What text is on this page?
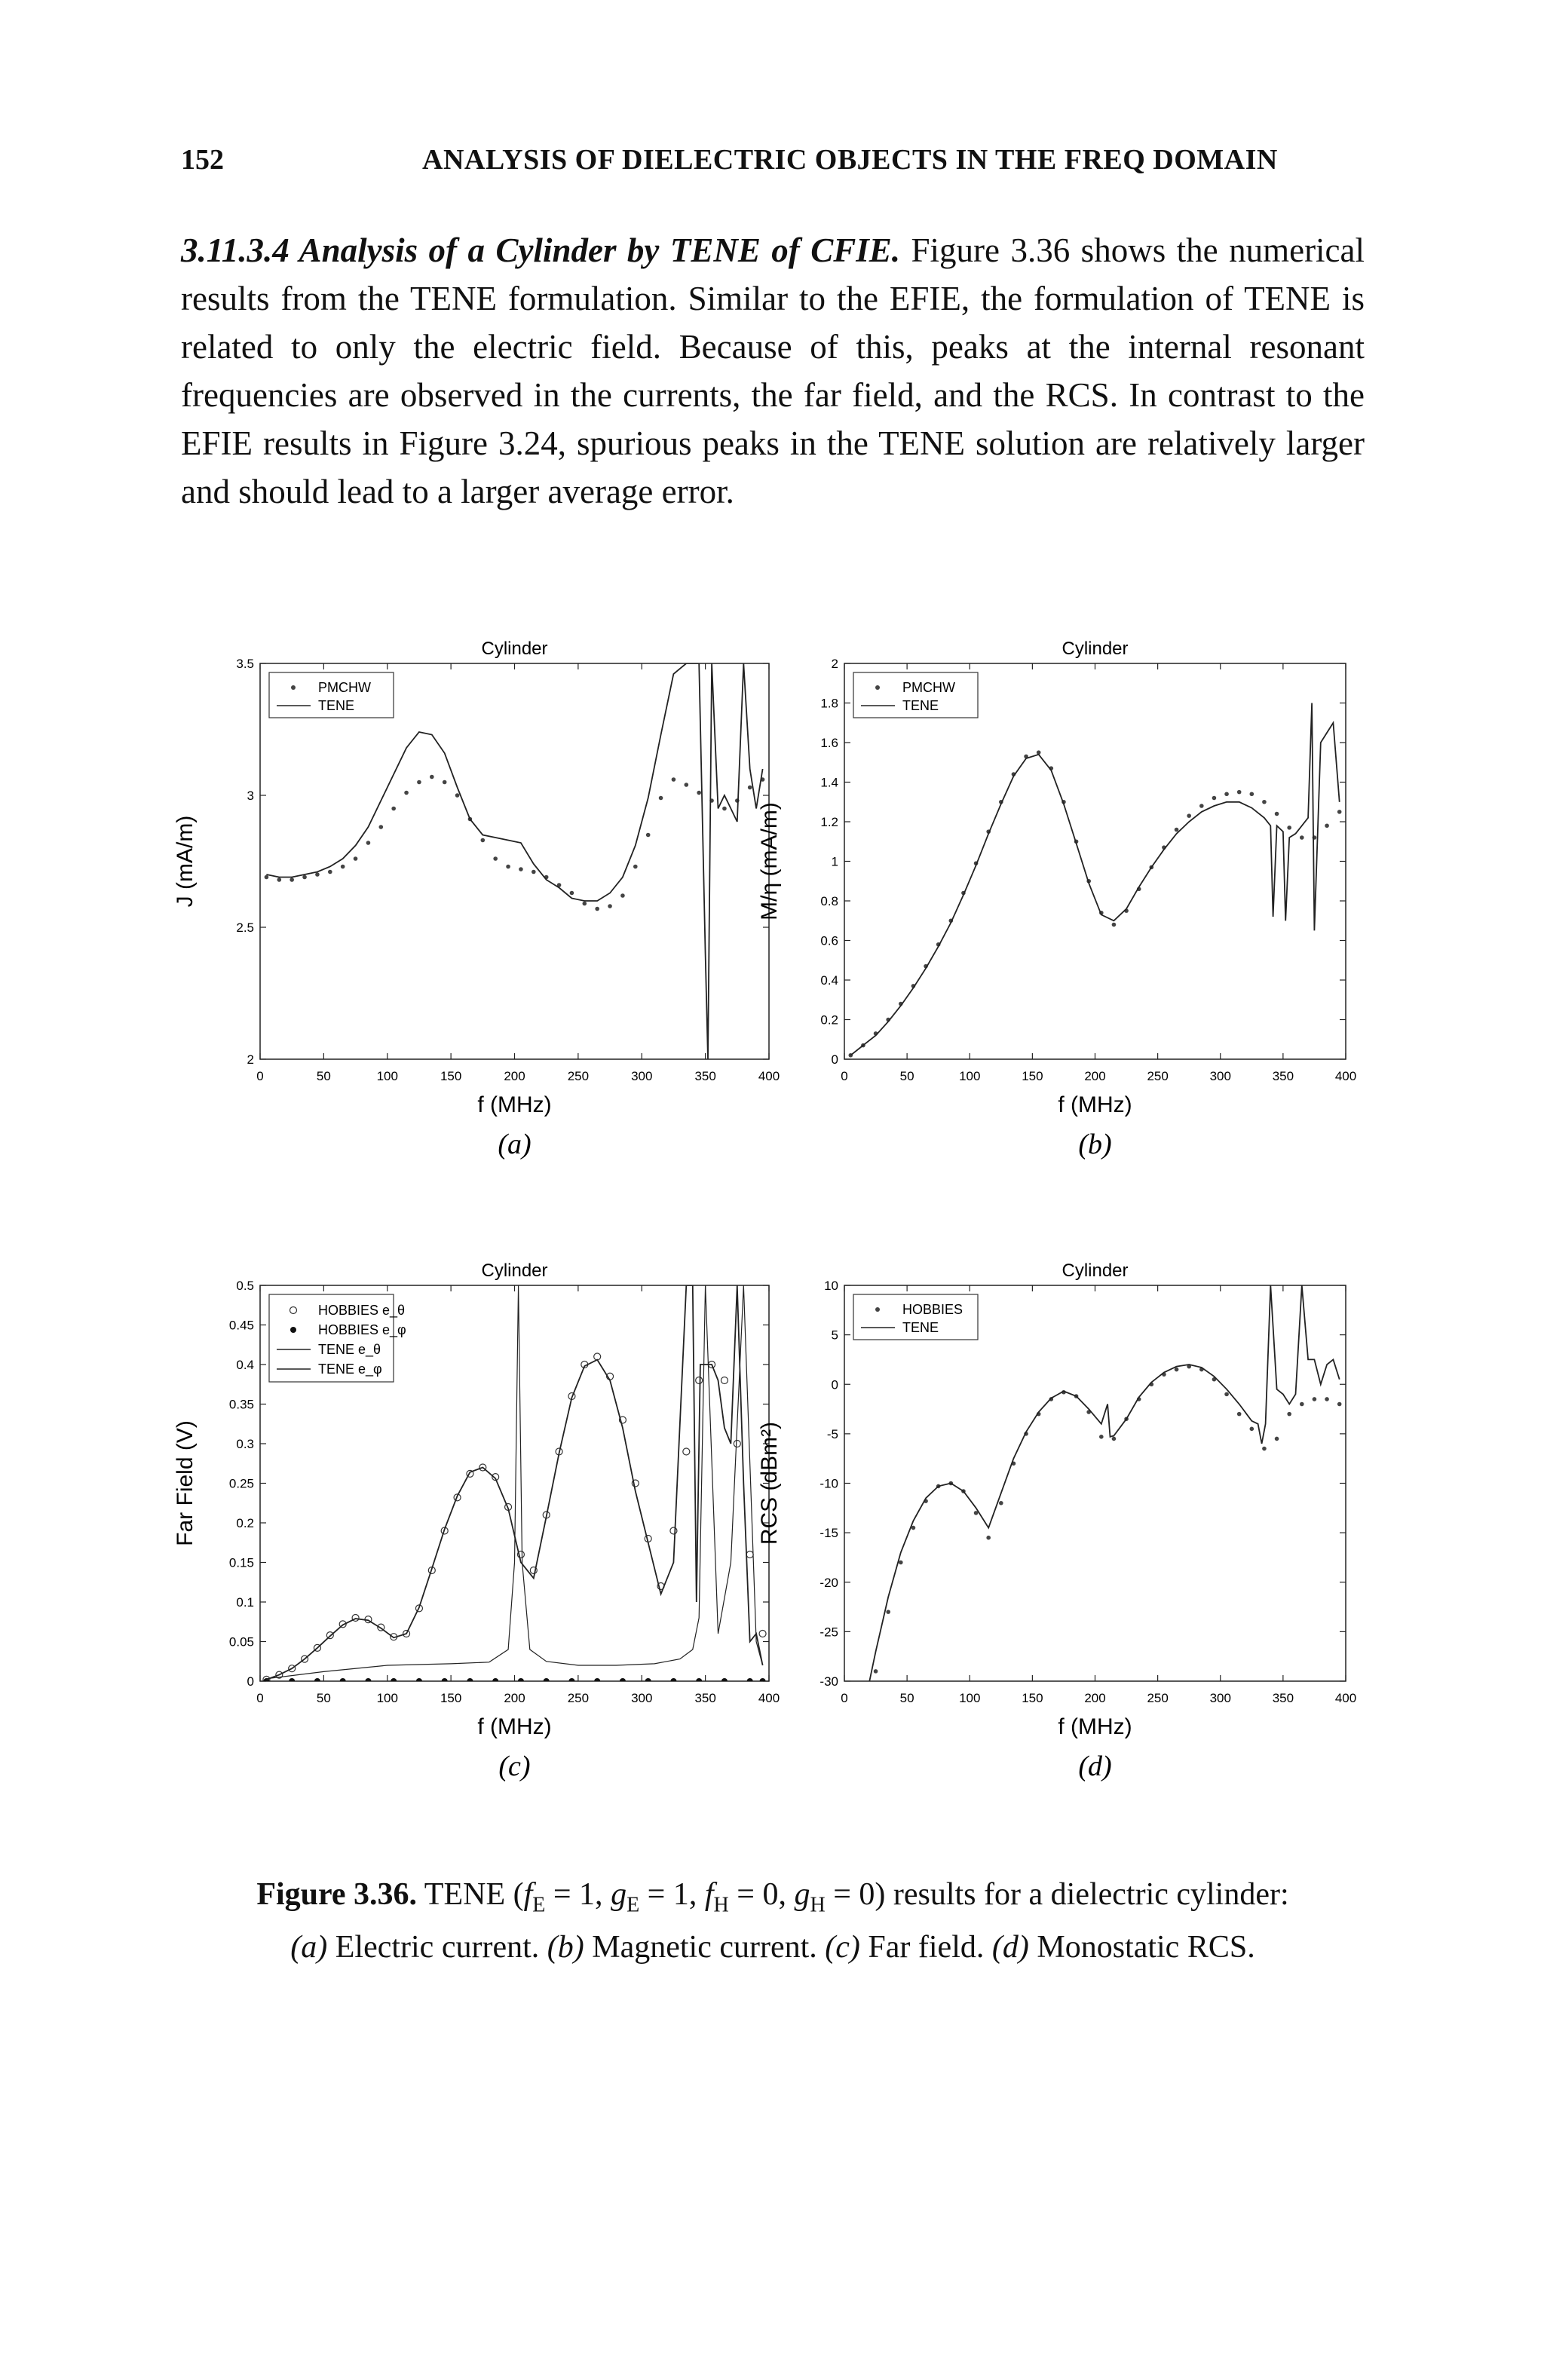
152	ANALYSIS OF DIELECTRIC OBJECTS IN THE FREQ DOMAIN
3.11.3.4 Analysis of a Cylinder by TENE of CFIE. Figure 3.36 shows the numerical results from the TENE formulation. Similar to the EFIE, the formulation of TENE is related to only the electric field. Because of this, peaks at the internal resonant frequencies are observed in the currents, the far field, and the RCS. In contrast to the EFIE results in Figure 3.24, spurious peaks in the TENE solution are relatively larger and should lead to a larger average error.
0	50	100	150	200	250	300	350	400
2
2.5
3
3.5
Cylinder
f (MHz)
J (mA/m)
(a)
PMCHW
TENE
0	50	100	150	200	250	300	350	400
0
0.2
0.4
0.6
0.8
1
1.2
1.4
1.6
1.8
2
Cylinder
f (MHz)
M/η (mA/m)
(b)
PMCHW
TENE
0	50	100	150	200	250	300	350	400
0
0.05
0.1
0.15
0.2
0.25
0.3
0.35
0.4
0.45
0.5
Cylinder
f (MHz)
Far Field (V)
(c)
HOBBIES e_θ
HOBBIES e_φ
TENE e_θ
TENE e_φ
0	50	100	150	200	250	300	350	400
-30
-25
-20
-15
-10
-5
0
5
10
Cylinder
f (MHz)
RCS (dBm²)
(d)
HOBBIES
TENE
Figure 3.36. TENE ($f_E = 1$, $g_E = 1$, $f_H = 0$, $g_H = 0$) results for a dielectric cylinder:
(a) Electric current. (b) Magnetic current. (c) Far field. (d) Monostatic RCS.
